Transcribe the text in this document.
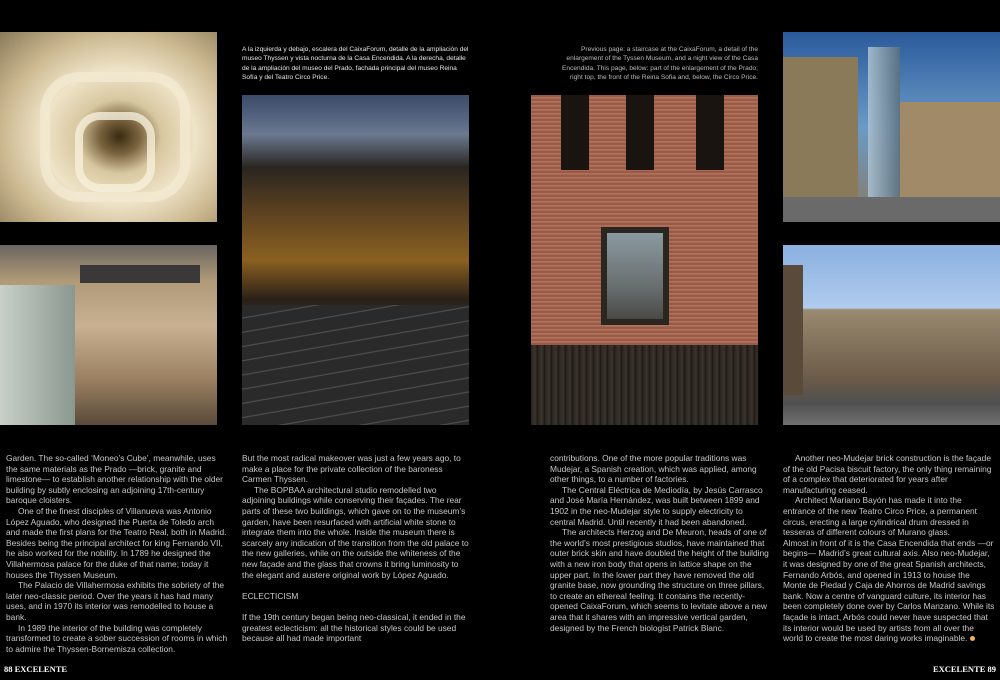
A la izquierda y debajo, escalera del CaixaForum, detalle de la ampliación del museo Thyssen y vista nocturna de la Casa Encendida. A la derecha, detalle de la ampliación del museo del Prado, fachada principal del museo Reina Sofía y del Teatro Circo Price.
Previous page: a staircase at the CaixaForum, a detail of the enlargement of the Tyssen Museum, and a night view of the Casa Encendida. This page, below: part of the enlargement of the Prado; right top, the front of the Reina Sofia and, below, the Circo Price.

Garden. The so-called ‘Moneo’s Cube’, meanwhile, uses the same materials as the Prado —brick, granite and limestone— to establish another relationship with the older building by subtly enclosing an adjoining 17th-century baroque cloisters.

One of the finest disciples of Villanueva was Antonio López Aguado, who designed the Puerta de Toledo arch and made the first plans for the Teatro Real, both in Madrid. Besides being the principal architect for king Fernando VII, he also worked for the nobility. In 1789 he designed the Villahermosa palace for the duke of that name; today it houses the Thyssen Museum.

The Palacio de Villahermosa exhibits the sobriety of the later neo-classic period. Over the years it has had many uses, and in 1970 its interior was remodelled to house a bank.

In 1989 the interior of the building was completely transformed to create a sober succession of rooms in which to admire the Thyssen-Bornemisza collection.

But the most radical makeover was just a few years ago, to make a place for the private collection of the baroness Carmen Thyssen.

The BOPBAA architectural studio remodelled two adjoining buildings while conserving their façades. The rear parts of these two buildings, which gave on to the museum’s garden, have been resurfaced with artificial white stone to integrate them into the whole. Inside the museum there is scarcely any indication of the transition from the old palace to the new galleries, while on the outside the whiteness of the new façade and the glass that crowns it bring luminosity to the elegant and austere original work by López Aguado.

ECLECTICISM

If the 19th century began being neo-classical, it ended in the greatest eclecticism: all the historical styles could be used because all had made important

contributions. One of the more popular traditions was Mudejar, a Spanish creation, which was applied, among other things, to a number of factories.

The Central Eléctrica de Mediodía, by Jesús Carrasco and José María Hernández, was built between 1899 and 1902 in the neo-Mudejar style to supply electricity to central Madrid. Until recently it had been abandoned.

The architects Herzog and De Meuron, heads of one of the world’s most prestigious studios, have maintained that outer brick skin and have doubled the height of the building with a new iron body that opens in lattice shape on the upper part. In the lower part they have removed the old granite base, now grounding the structure on three pillars, to create an ethereal feeling. It contains the recently-opened CaixaForum, which seems to levitate above a new area that it shares with an impressive vertical garden, designed by the French biologist Patrick Blanc.

Another neo-Mudejar brick construction is the façade of the old Pacisa biscuit factory, the only thing remaining of a complex that deteriorated for years after manufacturing ceased.

Architect Mariano Bayón has made it into the entrance of the new Teatro Circo Price, a permanent circus, erecting a large cylindrical drum dressed in tesseras of different colours of Murano glass.

Almost in front of it is the Casa Encendida that ends —or begins— Madrid’s great cultural axis. Also neo-Mudejar, it was designed by one of the great Spanish architects, Fernando Arbós, and opened in 1913 to house the Monte de Piedad y Caja de Ahorros de Madrid savings bank. Now a centre of vanguard culture, its interior has been completely done over by Carlos Manzano. While its façade is intact, Arbós could never have suspected that its interior would be used by artists from all over the world to create the most daring works imaginable.

88 EXCELENTE	EXCELENTE 89
